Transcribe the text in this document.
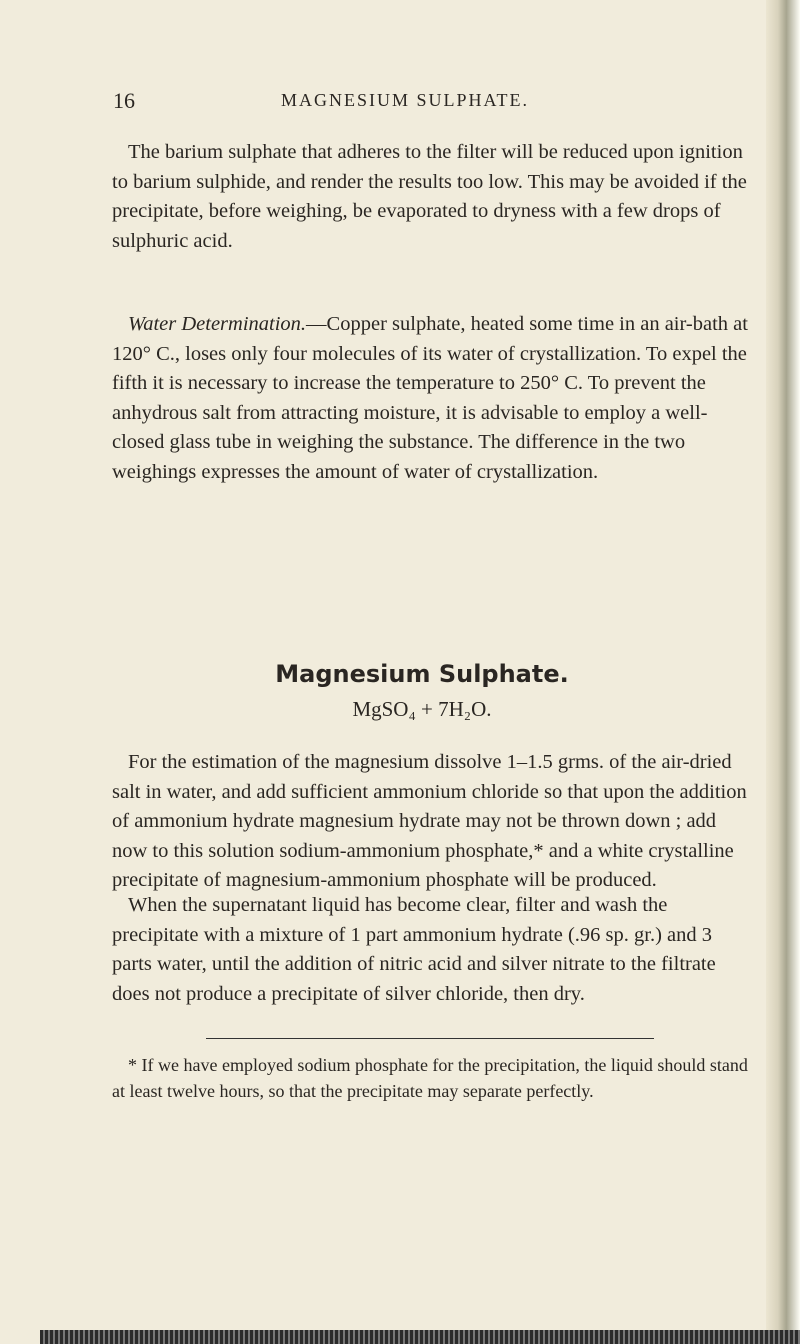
16	MAGNESIUM SULPHATE.

The barium sulphate that adheres to the filter will be reduced upon ignition to barium sulphide, and render the results too low. This may be avoided if the precipitate, before weighing, be evaporated to dryness with a few drops of sulphuric acid.

Water Determination.—Copper sulphate, heated some time in an air-bath at 120° C., loses only four molecules of its water of crystallization. To expel the fifth it is necessary to increase the temperature to 250° C. To prevent the anhydrous salt from attracting moisture, it is advisable to employ a well-closed glass tube in weighing the substance. The difference in the two weighings expresses the amount of water of crystallization.

Magnesium Sulphate.
MgSO₄ + 7H₂O.

For the estimation of the magnesium dissolve 1–1.5 grms. of the air-dried salt in water, and add sufficient ammonium chloride so that upon the addition of ammonium hydrate magnesium hydrate may not be thrown down ; add now to this solution sodium-ammonium phosphate,* and a white crystalline precipitate of magnesium-ammonium phosphate will be produced.

When the supernatant liquid has become clear, filter and wash the precipitate with a mixture of 1 part ammonium hydrate (.96 sp. gr.) and 3 parts water, until the addition of nitric acid and silver nitrate to the filtrate does not produce a precipitate of silver chloride, then dry.

* If we have employed sodium phosphate for the precipitation, the liquid should stand at least twelve hours, so that the precipitate may separate perfectly.
